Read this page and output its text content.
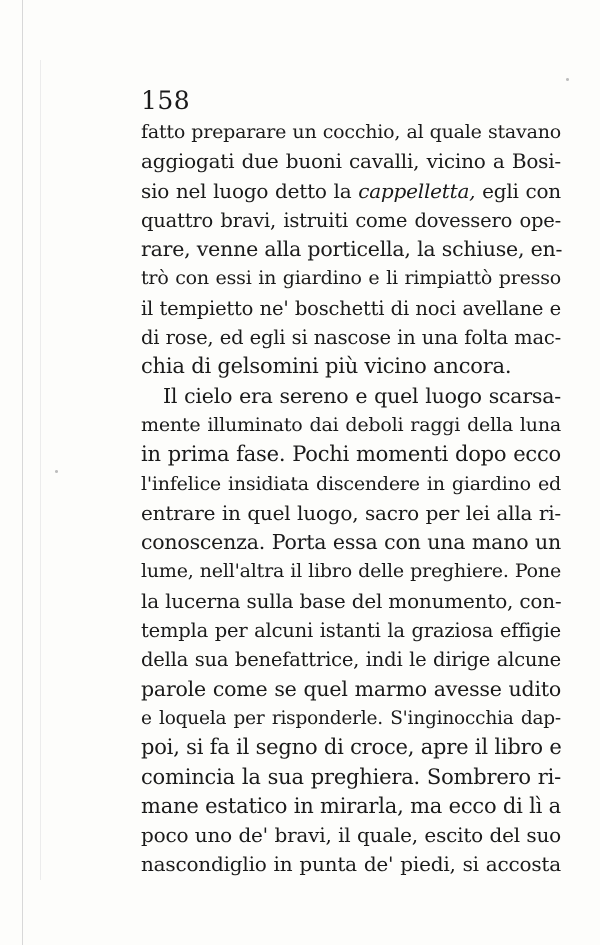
158
fatto preparare un cocchio, al quale stavano
aggiogati due buoni cavalli, vicino a Bosi-
sio nel luogo detto la cappelletta, egli con
quattro bravi, istruiti come dovessero ope-
rare, venne alla porticella, la schiuse, en-
trò con essi in giardino e li rimpiattò presso
il tempietto ne' boschetti di noci avellane e
di rose, ed egli si nascose in una folta mac-
chia di gelsomini più vicino ancora.
Il cielo era sereno e quel luogo scarsa-
mente illuminato dai deboli raggi della luna
in prima fase. Pochi momenti dopo ecco
l'infelice insidiata discendere in giardino ed
entrare in quel luogo, sacro per lei alla ri-
conoscenza. Porta essa con una mano un
lume, nell'altra il libro delle preghiere. Pone
la lucerna sulla base del monumento, con-
templa per alcuni istanti la graziosa effigie
della sua benefattrice, indi le dirige alcune
parole come se quel marmo avesse udito
e loquela per risponderle. S'inginocchia dap-
poi, si fa il segno di croce, apre il libro e
comincia la sua preghiera. Sombrero ri-
mane estatico in mirarla, ma ecco di lì a
poco uno de' bravi, il quale, escito del suo
nascondiglio in punta de' piedi, si accosta
